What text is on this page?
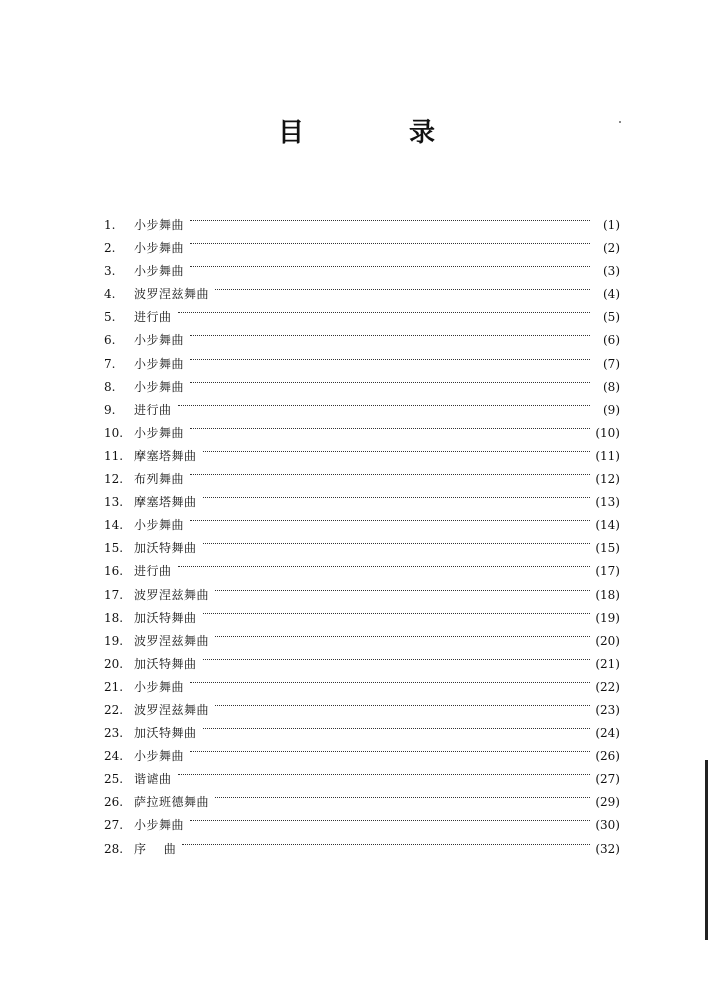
目 录
1.	小步舞曲	(1)
2.	小步舞曲	(2)
3.	小步舞曲	(3)
4.	波罗涅兹舞曲	(4)
5.	进行曲	(5)
6.	小步舞曲	(6)
7.	小步舞曲	(7)
8.	小步舞曲	(8)
9.	进行曲	(9)
10. 小步舞曲	(10)
11. 摩塞塔舞曲	(11)
12. 布列舞曲	(12)
13. 摩塞塔舞曲	(13)
14. 小步舞曲	(14)
15. 加沃特舞曲	(15)
16. 进行曲	(17)
17. 波罗涅兹舞曲	(18)
18. 加沃特舞曲	(19)
19. 波罗涅兹舞曲	(20)
20. 加沃特舞曲	(21)
21. 小步舞曲	(22)
22. 波罗涅兹舞曲	(23)
23. 加沃特舞曲	(24)
24. 小步舞曲	(26)
25. 谐谑曲	(27)
26. 萨拉班德舞曲	(29)
27. 小步舞曲	(30)
28. 序    曲	(32)
